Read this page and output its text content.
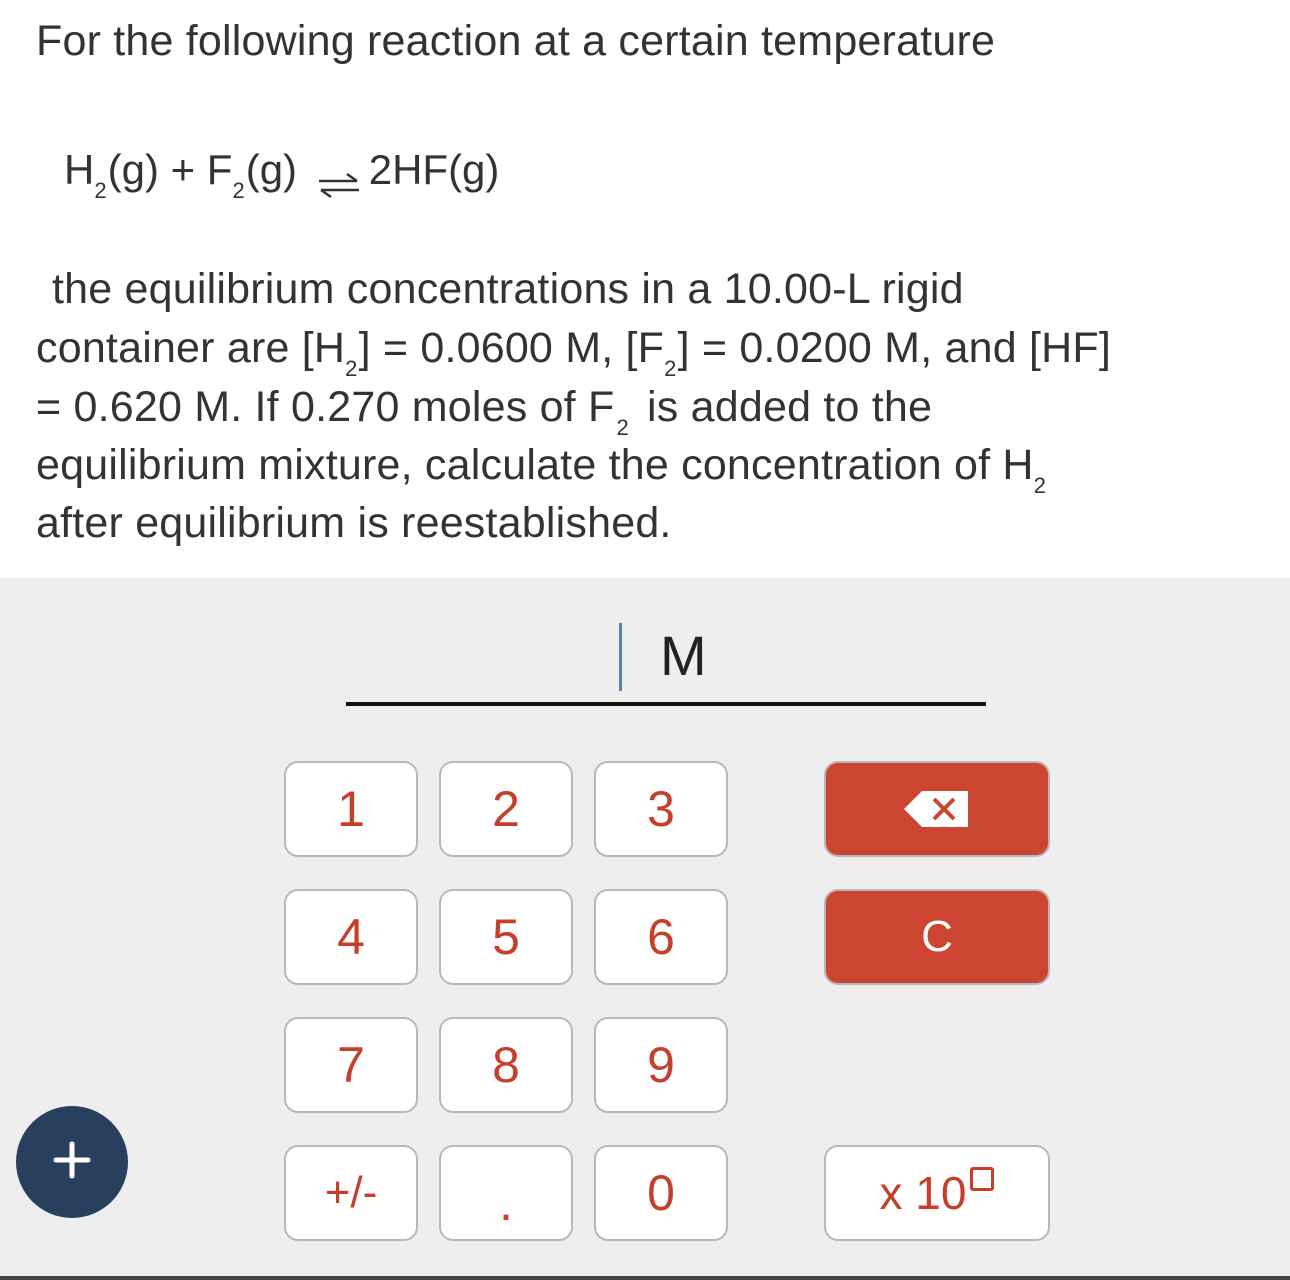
For the following reaction at a certain temperature
$H_2(g) + F_2(g)$ ⇌ 2HF(g)
the equilibrium concentrations in a 10.00-L rigid
container are $[H_2] = 0.0600$ M, $[F_2] = 0.0200$ M, and [HF]
= 0.620 M. If 0.270 moles of $F_2$ is added to the
equilibrium mixture, calculate the concentration of $H_2$
after equilibrium is reestablished.
M
1	2	3
4	5	6	C
7	8	9
+/-	.	0	x 10
